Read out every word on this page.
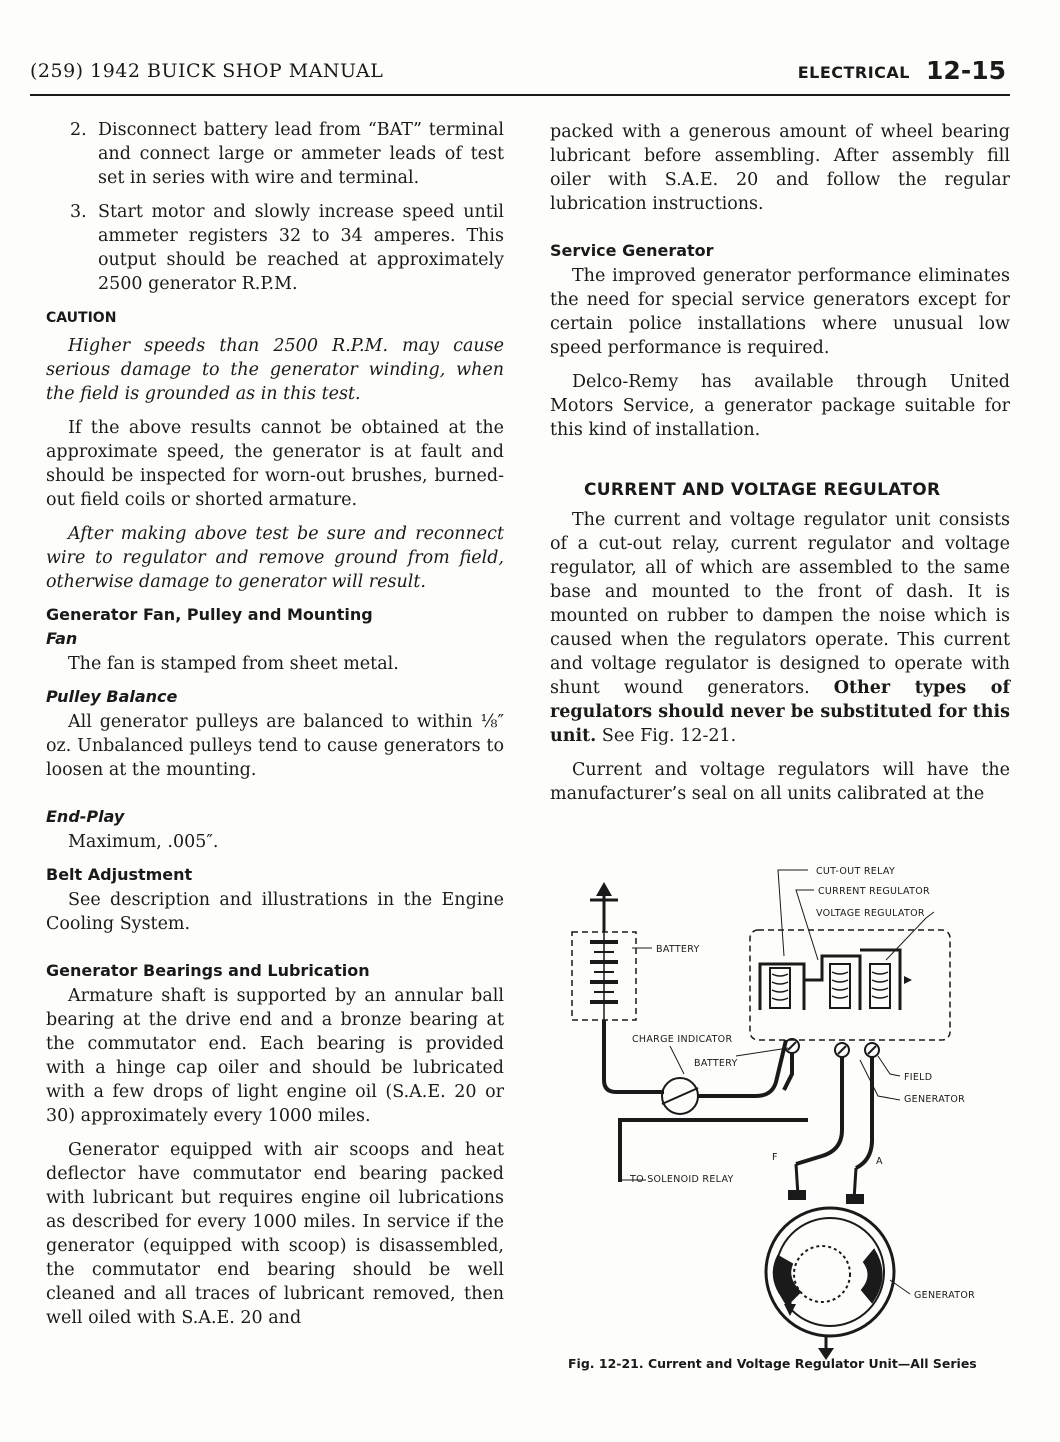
(259) 1942 BUICK SHOP MANUAL	ELECTRICAL 12-15
2. Disconnect battery lead from “BAT” terminal and connect large or ammeter leads of test set in series with wire and terminal.
3. Start motor and slowly increase speed until ammeter registers 32 to 34 amperes. This output should be reached at approximately 2500 generator R.P.M.
CAUTION

Higher speeds than 2500 R.P.M. may cause serious damage to the generator winding, when the field is grounded as in this test.

If the above results cannot be obtained at the approximate speed, the generator is at fault and should be inspected for worn-out brushes, burned-out field coils or shorted armature.

After making above test be sure and reconnect wire to regulator and remove ground from field, otherwise damage to generator will result.

Generator Fan, Pulley and Mounting
Fan

The fan is stamped from sheet metal.

Pulley Balance

All generator pulleys are balanced to within ⅛″ oz. Unbalanced pulleys tend to cause generators to loosen at the mounting.

End-Play

Maximum, .005″.

Belt Adjustment

See description and illustrations in the Engine Cooling System.

Generator Bearings and Lubrication

Armature shaft is supported by an annular ball bearing at the drive end and a bronze bearing at the commutator end. Each bearing is provided with a hinge cap oiler and should be lubricated with a few drops of light engine oil (S.A.E. 20 or 30) approximately every 1000 miles.

Generator equipped with air scoops and heat deflector have commutator end bearing packed with lubricant but requires engine oil lubrications as described for every 1000 miles. In service if the generator (equipped with scoop) is disassembled, the commutator end bearing should be well cleaned and all traces of lubricant removed, then well oiled with S.A.E. 20 and

packed with a generous amount of wheel bearing lubricant before assembling. After assembly fill oiler with S.A.E. 20 and follow the regular lubrication instructions.

Service Generator

The improved generator performance eliminates the need for special service generators except for certain police installations where unusual low speed performance is required.

Delco-Remy has available through United Motors Service, a generator package suitable for this kind of installation.

CURRENT AND VOLTAGE REGULATOR

The current and voltage regulator unit consists of a cut-out relay, current regulator and voltage regulator, all of which are assembled to the same base and mounted to the front of dash. It is mounted on rubber to dampen the noise which is caused when the regulators operate. This current and voltage regulator is designed to operate with shunt wound generators. Other types of regulators should never be substituted for this unit. See Fig. 12-21.

Current and voltage regulators will have the manufacturer’s seal on all units calibrated at the

CUT-OUT RELAY
CURRENT REGULATOR
VOLTAGE REGULATOR
BATTERY
CHARGE INDICATOR
BATTERY
FIELD
GENERATOR
F	A
TO SOLENOID RELAY
GENERATOR
Fig. 12-21. Current and Voltage Regulator Unit—All Series
